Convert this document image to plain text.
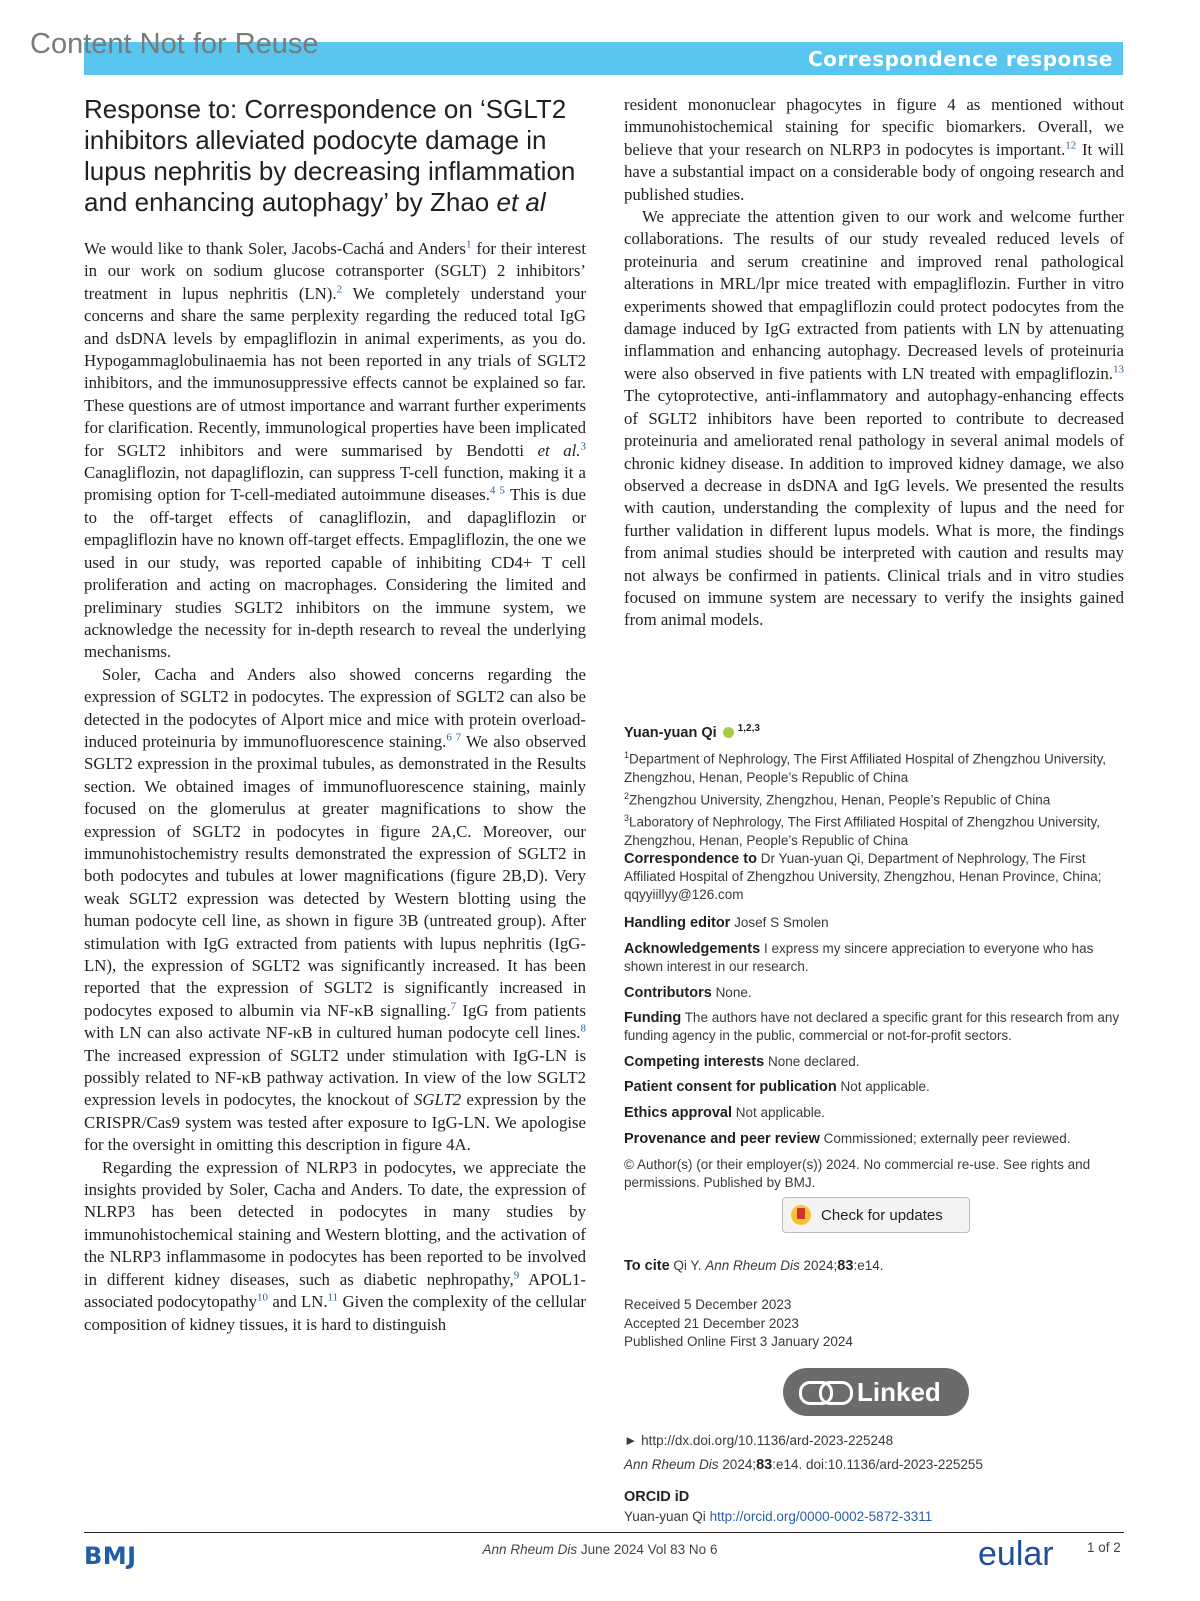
Content Not for Reuse	Correspondence response
Response to: Correspondence on ‘SGLT2 inhibitors alleviated podocyte damage in lupus nephritis by decreasing inflammation and enhancing autophagy’ by Zhao et al

We would like to thank Soler, Jacobs-Cachá and Anders$^1$ for their interest in our work on sodium glucose cotransporter (SGLT) 2 inhibitors’ treatment in lupus nephritis (LN).$^2$ We completely understand your concerns and share the same perplexity regarding the reduced total IgG and dsDNA levels by empagliflozin in animal experiments, as you do. Hypogammaglobulinaemia has not been reported in any trials of SGLT2 inhibitors, and the immunosuppressive effects cannot be explained so far. These questions are of utmost importance and warrant further experiments for clarification. Recently, immunological properties have been implicated for SGLT2 inhibitors and were summarised by Bendotti et al.$^3$ Canagliflozin, not dapagliflozin, can suppress T-cell function, making it a promising option for T-cell-mediated autoimmune diseases.$^{4 5}$ This is due to the off-target effects of canagliflozin, and dapagliflozin or empagliflozin have no known off-target effects. Empagliflozin, the one we used in our study, was reported capable of inhibiting CD4+ T cell proliferation and acting on macrophages. Considering the limited and preliminary studies SGLT2 inhibitors on the immune system, we acknowledge the necessity for in-depth research to reveal the underlying mechanisms.

Soler, Cacha and Anders also showed concerns regarding the expression of SGLT2 in podocytes. The expression of SGLT2 can also be detected in the podocytes of Alport mice and mice with protein overload-induced proteinuria by immunofluorescence staining.$^{6 7}$ We also observed SGLT2 expression in the proximal tubules, as demonstrated in the Results section. We obtained images of immunofluorescence staining, mainly focused on the glomerulus at greater magnifications to show the expression of SGLT2 in podocytes in figure 2A,C. Moreover, our immunohistochemistry results demonstrated the expression of SGLT2 in both podocytes and tubules at lower magnifications (figure 2B,D). Very weak SGLT2 expression was detected by Western blotting using the human podocyte cell line, as shown in figure 3B (untreated group). After stimulation with IgG extracted from patients with lupus nephritis (IgG-LN), the expression of SGLT2 was significantly increased. It has been reported that the expression of SGLT2 is significantly increased in podocytes exposed to albumin via NF-κB signalling.$^7$ IgG from patients with LN can also activate NF-κB in cultured human podocyte cell lines.$^8$ The increased expression of SGLT2 under stimulation with IgG-LN is possibly related to NF-κB pathway activation. In view of the low SGLT2 expression levels in podocytes, the knockout of SGLT2 expression by the CRISPR/Cas9 system was tested after exposure to IgG-LN. We apologise for the oversight in omitting this description in figure 4A.

Regarding the expression of NLRP3 in podocytes, we appreciate the insights provided by Soler, Cacha and Anders. To date, the expression of NLRP3 has been detected in podocytes in many studies by immunohistochemical staining and Western blotting, and the activation of the NLRP3 inflammasome in podocytes has been reported to be involved in different kidney diseases, such as diabetic nephropathy,$^9$ APOL1-associated podocytopathy$^{10}$ and LN.$^{11}$ Given the complexity of the cellular composition of kidney tissues, it is hard to distinguish

resident mononuclear phagocytes in figure 4 as mentioned without immunohistochemical staining for specific biomarkers. Overall, we believe that your research on NLRP3 in podocytes is important.$^{12}$ It will have a substantial impact on a considerable body of ongoing research and published studies.

We appreciate the attention given to our work and welcome further collaborations. The results of our study revealed reduced levels of proteinuria and serum creatinine and improved renal pathological alterations in MRL/lpr mice treated with empagliflozin. Further in vitro experiments showed that empagliflozin could protect podocytes from the damage induced by IgG extracted from patients with LN by attenuating inflammation and enhancing autophagy. Decreased levels of proteinuria were also observed in five patients with LN treated with empagliflozin.$^{13}$ The cytoprotective, anti-inflammatory and autophagy-enhancing effects of SGLT2 inhibitors have been reported to contribute to decreased proteinuria and ameliorated renal pathology in several animal models of chronic kidney disease. In addition to improved kidney damage, we also observed a decrease in dsDNA and IgG levels. We presented the results with caution, understanding the complexity of lupus and the need for further validation in different lupus models. What is more, the findings from animal studies should be interpreted with caution and results may not always be confirmed in patients. Clinical trials and in vitro studies focused on immune system are necessary to verify the insights gained from animal models.

Yuan-yuan Qi $^{1,2,3}$
$^1$Department of Nephrology, The First Affiliated Hospital of Zhengzhou University, Zhengzhou, Henan, People’s Republic of China
$^2$Zhengzhou University, Zhengzhou, Henan, People’s Republic of China
$^3$Laboratory of Nephrology, The First Affiliated Hospital of Zhengzhou University, Zhengzhou, Henan, People’s Republic of China
Correspondence to Dr Yuan-yuan Qi, Department of Nephrology, The First Affiliated Hospital of Zhengzhou University, Zhengzhou, Henan Province, China; qqyyiillyy@126.com
Handling editor Josef S Smolen
Acknowledgements I express my sincere appreciation to everyone who has shown interest in our research.
Contributors None.
Funding The authors have not declared a specific grant for this research from any funding agency in the public, commercial or not-for-profit sectors.
Competing interests None declared.
Patient consent for publication Not applicable.
Ethics approval Not applicable.
Provenance and peer review Commissioned; externally peer reviewed.
© Author(s) (or their employer(s)) 2024. No commercial re-use. See rights and permissions. Published by BMJ.
Check for updates
To cite Qi Y. Ann Rheum Dis 2024;83:e14.
Received 5 December 2023
Accepted 21 December 2023
Published Online First 3 January 2024
Linked
► http://dx.doi.org/10.1136/ard-2023-225248
Ann Rheum Dis 2024;83:e14. doi:10.1136/ard-2023-225255
ORCID iD
Yuan-yuan Qi http://orcid.org/0000-0002-5872-3311
BMJ	Ann Rheum Dis June 2024 Vol 83 No 6	eular 1 of 2
